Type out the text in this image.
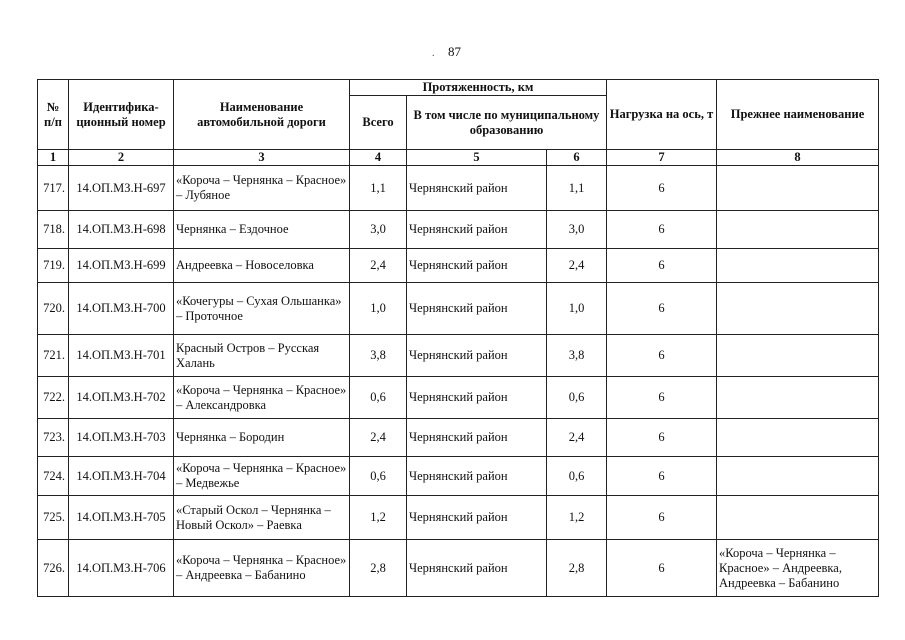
87
.
№ п/п	Идентифика-ционный номер	Наименование автомобильной дороги	Протяженность, км			Нагрузка на ось, т	Прежнее наименование
			Всего	В том числе по муниципальному образованию			
1	2	3	4	5	6	7	8
717.	14.ОП.МЗ.Н-697	«Короча – Чернянка – Красное» – Лубяное	1,1	Чернянский район	1,1	6	
718.	14.ОП.МЗ.Н-698	Чернянка – Ездочное	3,0	Чернянский район	3,0	6	
719.	14.ОП.МЗ.Н-699	Андреевка – Новоселовка	2,4	Чернянский район	2,4	6	
720.	14.ОП.МЗ.Н-700	«Кочегуры – Сухая Ольшанка» – Проточное	1,0	Чернянский район	1,0	6	
721.	14.ОП.МЗ.Н-701	Красный Остров – Русская Халань	3,8	Чернянский район	3,8	6	
722.	14.ОП.МЗ.Н-702	«Короча – Чернянка – Красное» – Александровка	0,6	Чернянский район	0,6	6	
723.	14.ОП.МЗ.Н-703	Чернянка – Бородин	2,4	Чернянский район	2,4	6	
724.	14.ОП.МЗ.Н-704	«Короча – Чернянка – Красное» – Медвежье	0,6	Чернянский район	0,6	6	
725.	14.ОП.МЗ.Н-705	«Старый Оскол – Чернянка – Новый Оскол» – Раевка	1,2	Чернянский район	1,2	6	
726.	14.ОП.МЗ.Н-706	«Короча – Чернянка – Красное» – Андреевка – Бабанино	2,8	Чернянский район	2,8	6	«Короча – Чернянка – Красное» – Андреевка, Андреевка – Бабанино
